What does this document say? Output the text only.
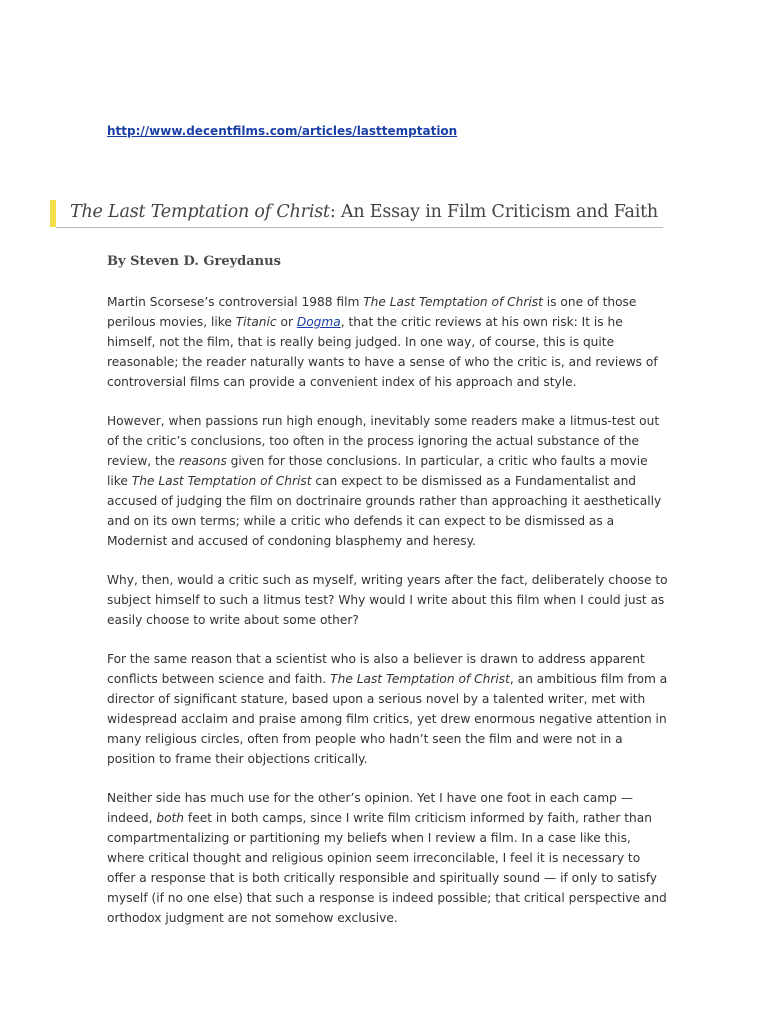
http://www.decentfilms.com/articles/lasttemptation
The Last Temptation of Christ: An Essay in Film Criticism and Faith
By Steven D. Greydanus

Martin Scorsese’s controversial 1988 film The Last Temptation of Christ is one of those
perilous movies, like Titanic or Dogma, that the critic reviews at his own risk: It is he
himself, not the film, that is really being judged. In one way, of course, this is quite
reasonable; the reader naturally wants to have a sense of who the critic is, and reviews of
controversial films can provide a convenient index of his approach and style.

However, when passions run high enough, inevitably some readers make a litmus-test out
of the critic’s conclusions, too often in the process ignoring the actual substance of the
review, the reasons given for those conclusions. In particular, a critic who faults a movie
like The Last Temptation of Christ can expect to be dismissed as a Fundamentalist and
accused of judging the film on doctrinaire grounds rather than approaching it aesthetically
and on its own terms; while a critic who defends it can expect to be dismissed as a
Modernist and accused of condoning blasphemy and heresy.

Why, then, would a critic such as myself, writing years after the fact, deliberately choose to
subject himself to such a litmus test? Why would I write about this film when I could just as
easily choose to write about some other?

For the same reason that a scientist who is also a believer is drawn to address apparent
conflicts between science and faith. The Last Temptation of Christ, an ambitious film from a
director of significant stature, based upon a serious novel by a talented writer, met with
widespread acclaim and praise among film critics, yet drew enormous negative attention in
many religious circles, often from people who hadn’t seen the film and were not in a
position to frame their objections critically.

Neither side has much use for the other’s opinion. Yet I have one foot in each camp —
indeed, both feet in both camps, since I write film criticism informed by faith, rather than
compartmentalizing or partitioning my beliefs when I review a film. In a case like this,
where critical thought and religious opinion seem irreconcilable, I feel it is necessary to
offer a response that is both critically responsible and spiritually sound — if only to satisfy
myself (if no one else) that such a response is indeed possible; that critical perspective and
orthodox judgment are not somehow exclusive.
